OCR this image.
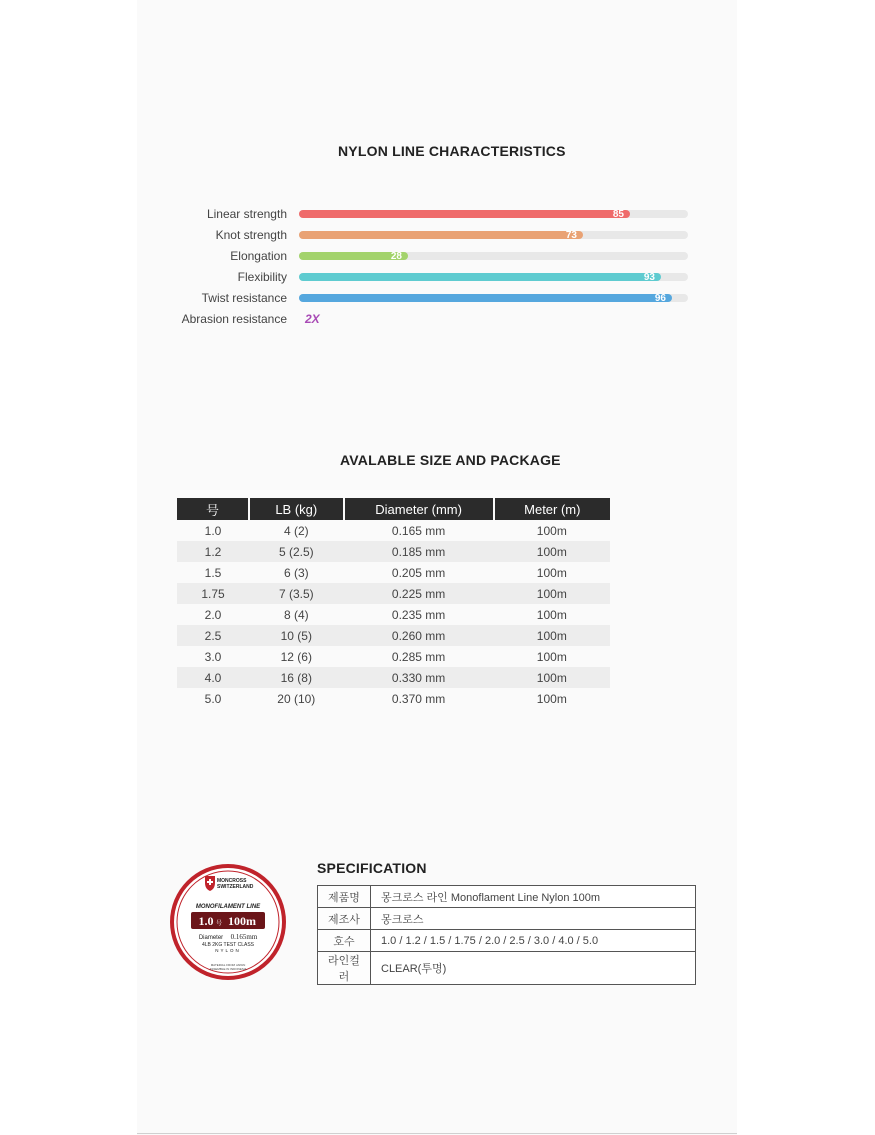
NYLON LINE CHARACTERISTICS
Linear strength	85
Knot strength	73
Elongation	28
Flexibility	93
Twist resistance	96
Abrasion resistance 2X
AVALABLE SIZE AND PACKAGE
号	LB (kg)	Diameter (mm)	Meter (m)
1.0	4 (2)	0.165 mm	100m
1.2	5 (2.5)	0.185 mm	100m
1.5	6 (3)	0.205 mm	100m
1.75	7 (3.5)	0.225 mm	100m
2.0	8 (4)	0.235 mm	100m
2.5	10 (5)	0.260 mm	100m
3.0	12 (6)	0.285 mm	100m
4.0	16 (8)	0.330 mm	100m
5.0	20 (10)	0.370 mm	100m
MONCROSS
SWITZERLAND
MONOFILAMENT LINE
1.0 号 100m
Diameter 0.165mm
4LB 2KG TEST CLASS
NYLON
MATERIAL FROM JAPAN
ASSEMBLE IN INDONESIA
SPECIFICATION
제품명	몽크로스 라인 Monoflament Line Nylon 100m
제조사	몽크로스
호수	1.0 / 1.2 / 1.5 / 1.75 / 2.0 / 2.5 / 3.0 / 4.0 / 5.0
라인컬러	CLEAR(투명)
